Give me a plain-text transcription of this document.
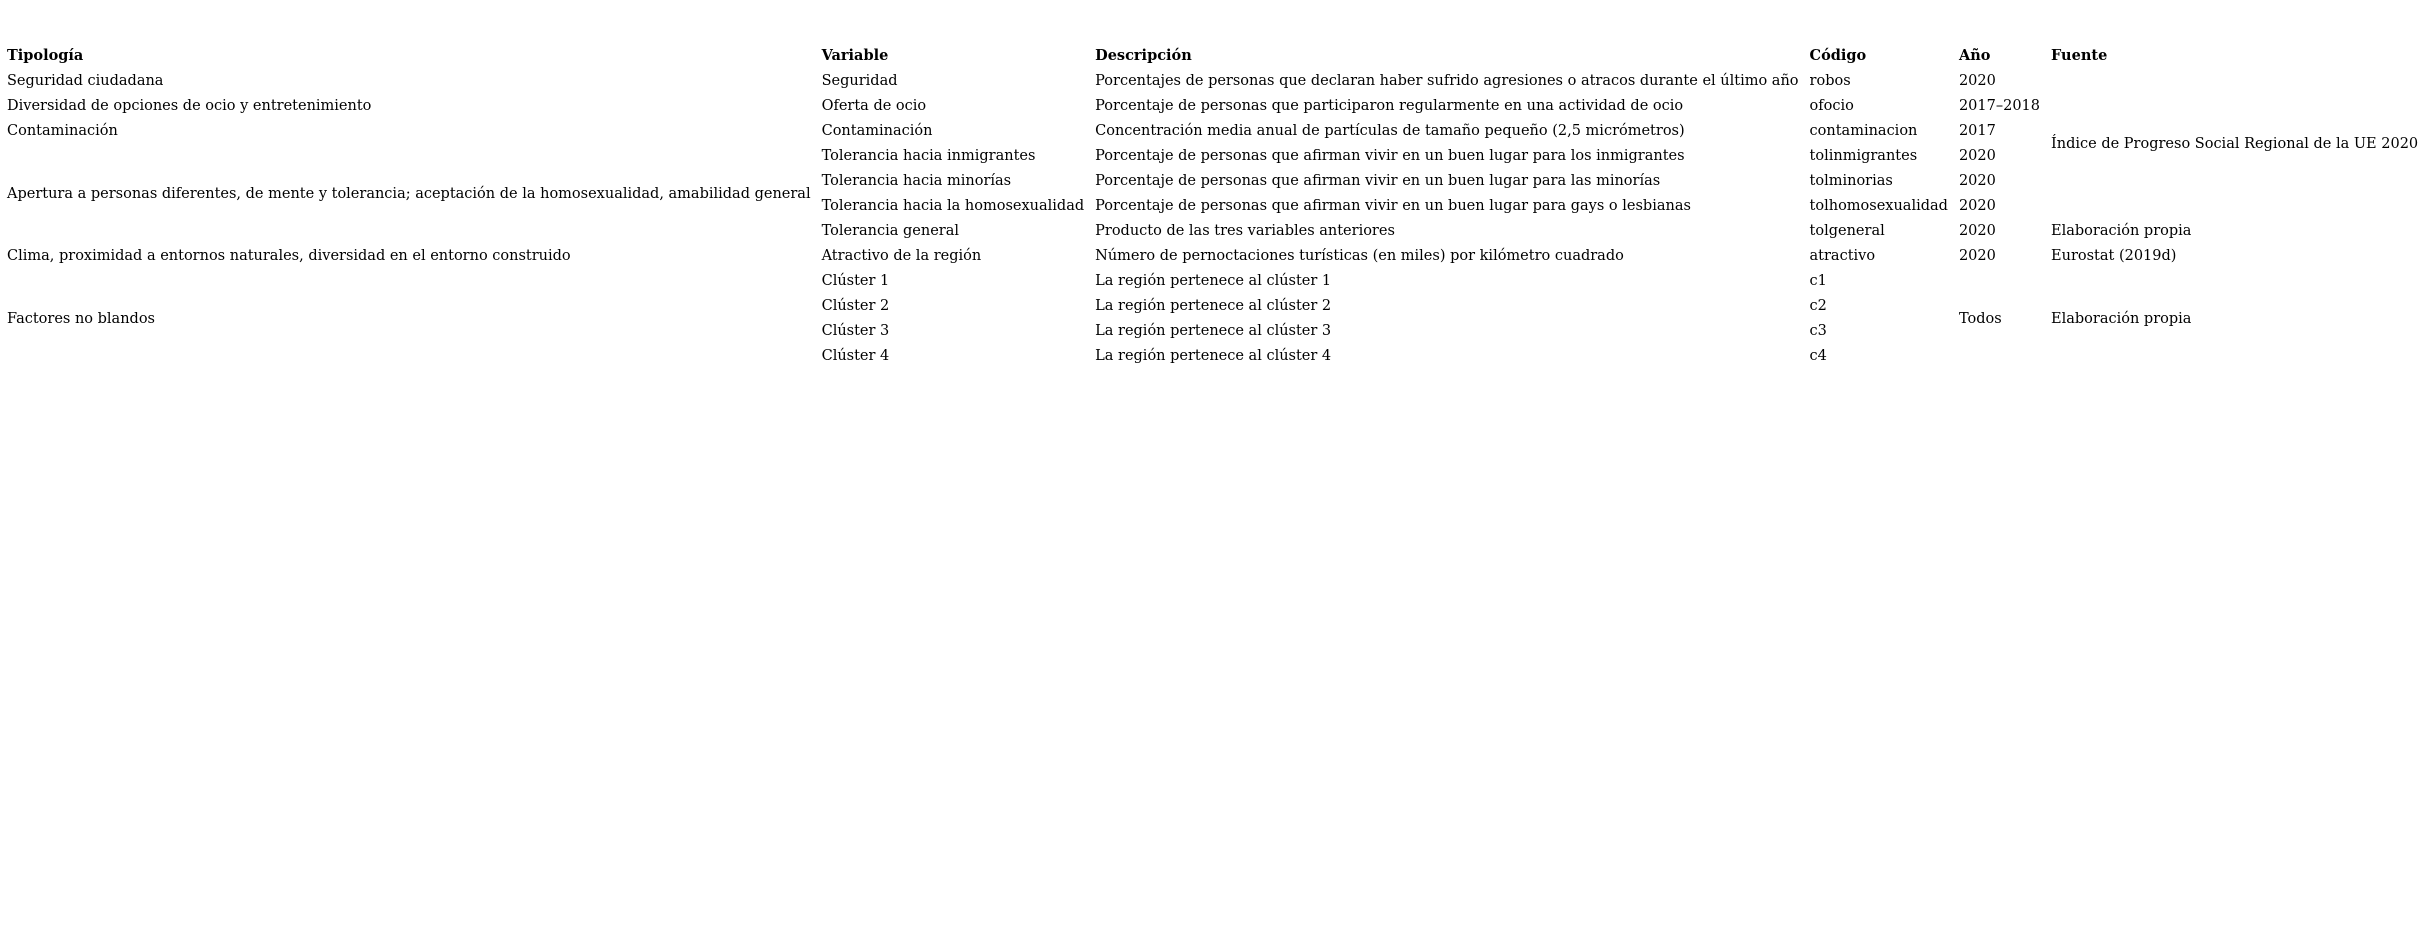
Tipología	Variable	Descripción	Código	Año	Fuente
Seguridad ciudadana	Seguridad	Porcentajes de personas que declaran haber sufrido agresiones o atracos durante el último año	robos	2020	Índice de Progreso Social Regional de la UE 2020
Diversidad de opciones de ocio y entretenimiento	Oferta de ocio	Porcentaje de personas que participaron regularmente en una actividad de ocio	ofocio	2017–2018	
Contaminación	Contaminación	Concentración media anual de partículas de tamaño pequeño (2,5 micrómetros)	contaminacion	2017	
Apertura a personas diferentes, de mente y tolerancia; aceptación de la homosexualidad, amabilidad general	Tolerancia hacia inmigrantes	Porcentaje de personas que afirman vivir en un buen lugar para los inmigrantes	tolinmigrantes	2020	
	Tolerancia hacia minorías	Porcentaje de personas que afirman vivir en un buen lugar para las minorías	tolminorias	2020	
	Tolerancia hacia la homosexualidad	Porcentaje de personas que afirman vivir en un buen lugar para gays o lesbianas	tolhomosexualidad	2020	
	Tolerancia general	Producto de las tres variables anteriores	tolgeneral	2020	Elaboración propia
Clima, proximidad a entornos naturales, diversidad en el entorno construido	Atractivo de la región	Número de pernoctaciones turísticas (en miles) por kilómetro cuadrado	atractivo	2020	Eurostat (2019d)
Factores no blandos	Clúster 1	La región pertenece al clúster 1	c1	Todos	Elaboración propia
	Clúster 2	La región pertenece al clúster 2	c2		
	Clúster 3	La región pertenece al clúster 3	c3		
	Clúster 4	La región pertenece al clúster 4	c4		
